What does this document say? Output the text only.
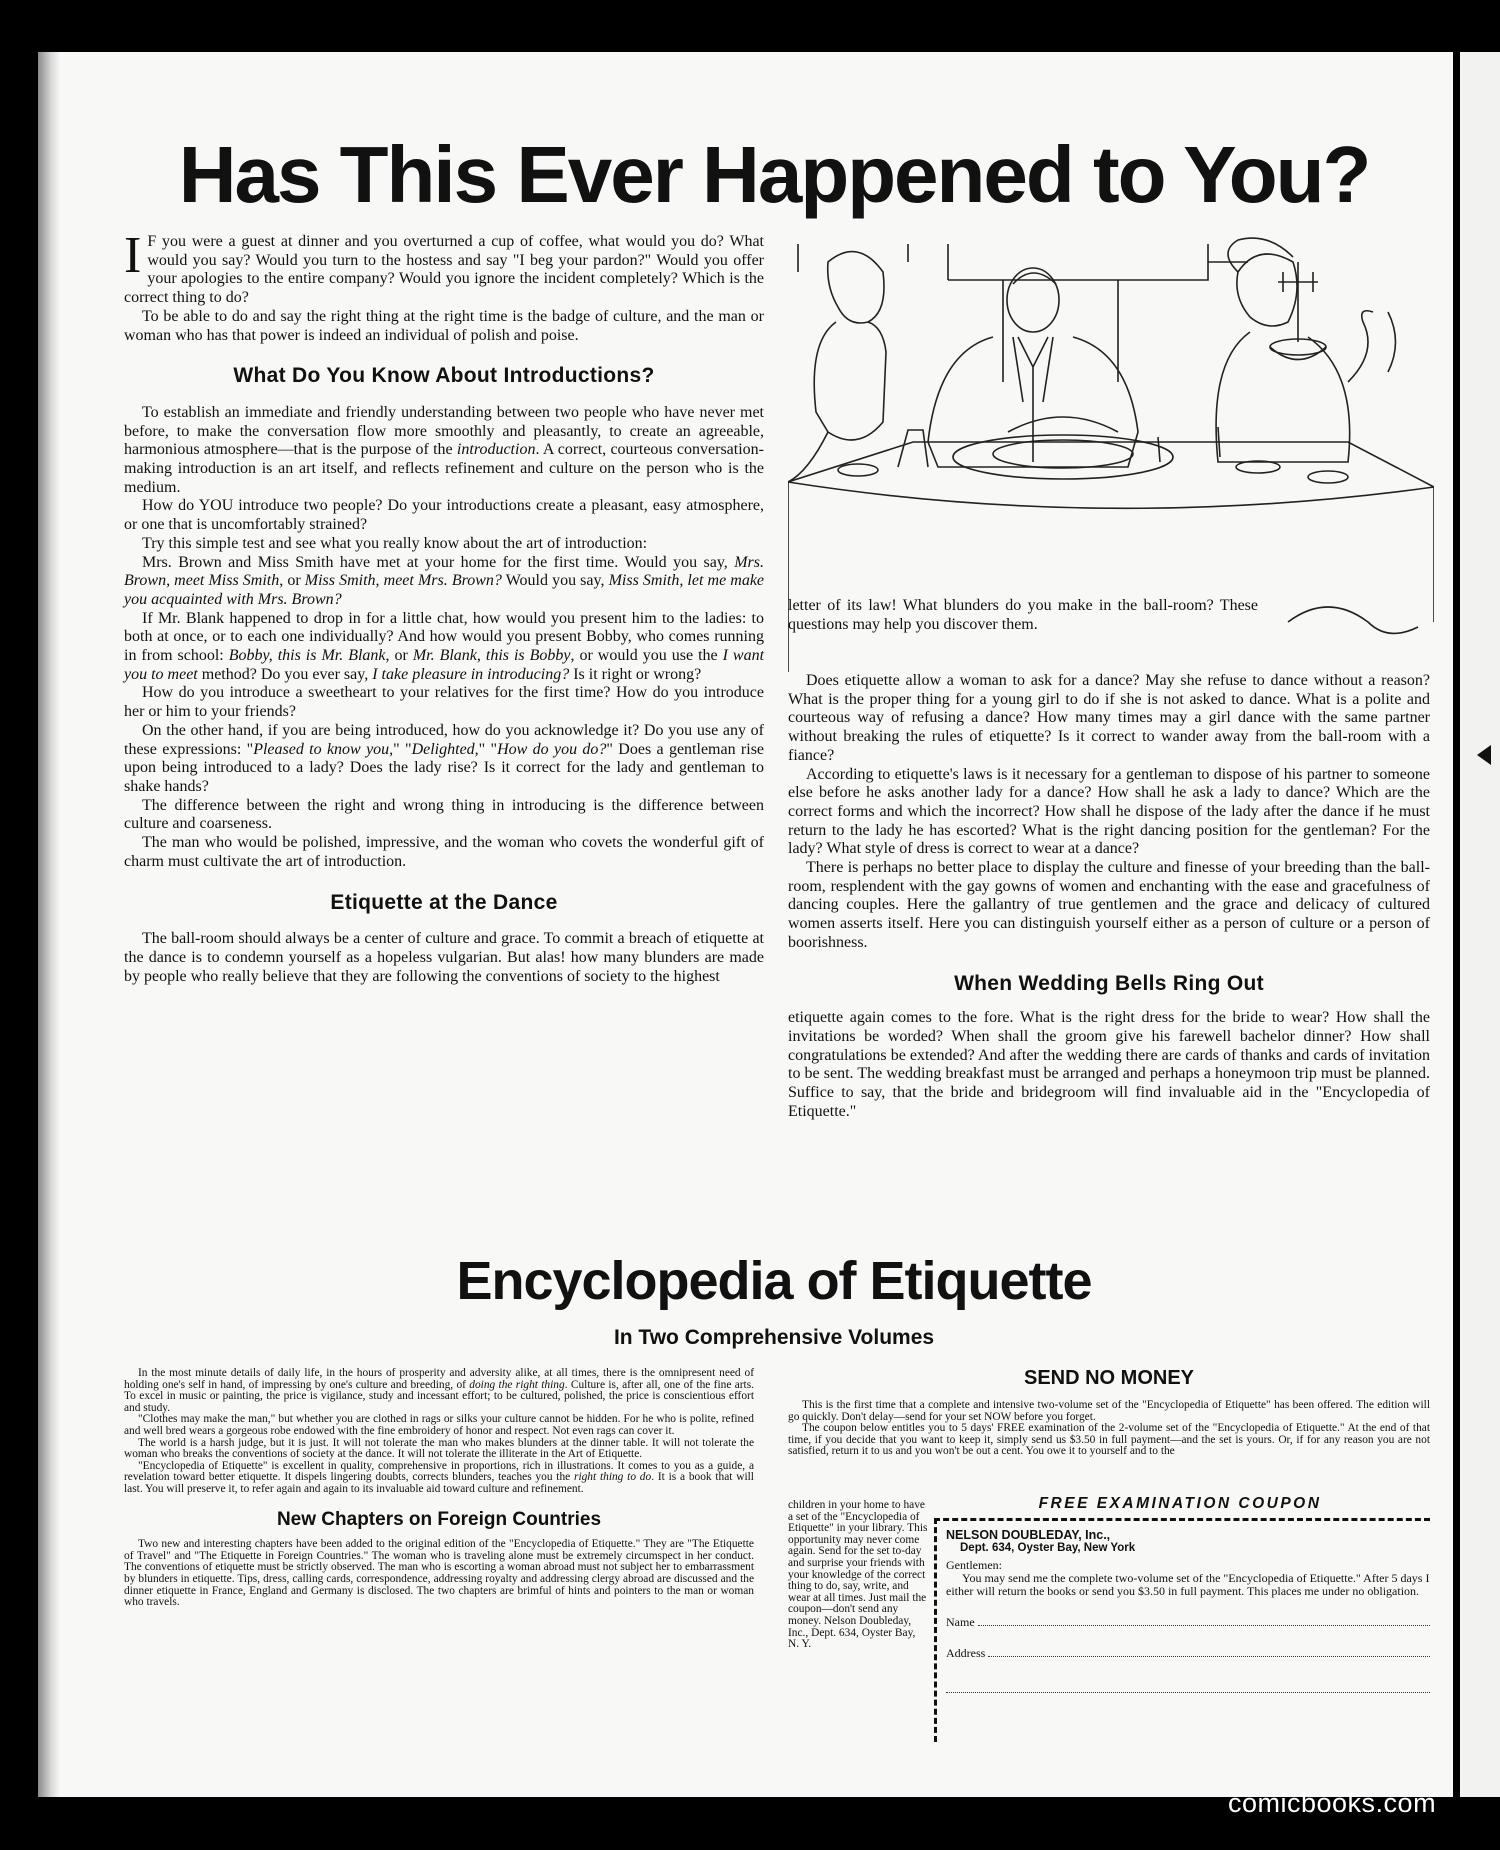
Has This Ever Happened to You?

I F you were a guest at dinner and you overturned a cup of coffee, what would you do? What would you say? Would you turn to the hostess and say "I beg your pardon?" Would you offer your apologies to the entire company? Would you ignore the incident completely? Which is the correct thing to do?

To be able to do and say the right thing at the right time is the badge of culture, and the man or woman who has that power is indeed an individual of polish and poise.

What Do You Know About Introductions?

To establish an immediate and friendly understanding between two people who have never met before, to make the conversation flow more smoothly and pleasantly, to create an agreeable, harmonious atmosphere—that is the purpose of the introduction. A correct, courteous conversation-making introduction is an art itself, and reflects refinement and culture on the person who is the medium.

How do YOU introduce two people? Do your introductions create a pleasant, easy atmosphere, or one that is uncomfortably strained?

Try this simple test and see what you really know about the art of introduction:

Mrs. Brown and Miss Smith have met at your home for the first time. Would you say, Mrs. Brown, meet Miss Smith, or Miss Smith, meet Mrs. Brown? Would you say, Miss Smith, let me make you acquainted with Mrs. Brown?

If Mr. Blank happened to drop in for a little chat, how would you present him to the ladies: to both at once, or to each one individually? And how would you present Bobby, who comes running in from school: Bobby, this is Mr. Blank, or Mr. Blank, this is Bobby, or would you use the I want you to meet method? Do you ever say, I take pleasure in introducing? Is it right or wrong?

How do you introduce a sweetheart to your relatives for the first time? How do you introduce her or him to your friends?

On the other hand, if you are being introduced, how do you acknowledge it? Do you use any of these expressions: "Pleased to know you," "Delighted," "How do you do?" Does a gentleman rise upon being introduced to a lady? Does the lady rise? Is it correct for the lady and gentleman to shake hands?

The difference between the right and wrong thing in introducing is the difference between culture and coarseness.

The man who would be polished, impressive, and the woman who covets the wonderful gift of charm must cultivate the art of introduction.

Etiquette at the Dance

The ball-room should always be a center of culture and grace. To commit a breach of etiquette at the dance is to condemn yourself as a hopeless vulgarian. But alas! how many blunders are made by people who really believe that they are following the conventions of society to the highest

letter of its law! What blunders do you make in the ball-room? These questions may help you discover them.

Does etiquette allow a woman to ask for a dance? May she refuse to dance without a reason? What is the proper thing for a young girl to do if she is not asked to dance. What is a polite and courteous way of refusing a dance? How many times may a girl dance with the same partner without breaking the rules of etiquette? Is it correct to wander away from the ball-room with a fiance?

According to etiquette's laws is it necessary for a gentleman to dispose of his partner to someone else before he asks another lady for a dance? How shall he ask a lady to dance? Which are the correct forms and which the incorrect? How shall he dispose of the lady after the dance if he must return to the lady he has escorted? What is the right dancing position for the gentleman? For the lady? What style of dress is correct to wear at a dance?

There is perhaps no better place to display the culture and finesse of your breeding than the ball-room, resplendent with the gay gowns of women and enchanting with the ease and gracefulness of dancing couples. Here the gallantry of true gentlemen and the grace and delicacy of cultured women asserts itself. Here you can distinguish yourself either as a person of culture or a person of boorishness.

When Wedding Bells Ring Out

etiquette again comes to the fore. What is the right dress for the bride to wear? How shall the invitations be worded? When shall the groom give his farewell bachelor dinner? How shall congratulations be extended? And after the wedding there are cards of thanks and cards of invitation to be sent. The wedding breakfast must be arranged and perhaps a honeymoon trip must be planned. Suffice to say, that the bride and bridegroom will find invaluable aid in the "Encyclopedia of Etiquette."

Encyclopedia of Etiquette
In Two Comprehensive Volumes

In the most minute details of daily life, in the hours of prosperity and adversity alike, at all times, there is the omnipresent need of holding one's self in hand, of impressing by one's culture and breeding, of doing the right thing. Culture is, after all, one of the fine arts. To excel in music or painting, the price is vigilance, study and incessant effort; to be cultured, polished, the price is conscientious effort and study.

"Clothes may make the man," but whether you are clothed in rags or silks your culture cannot be hidden. For he who is polite, refined and well bred wears a gorgeous robe endowed with the fine embroidery of honor and respect. Not even rags can cover it.

The world is a harsh judge, but it is just. It will not tolerate the man who makes blunders at the dinner table. It will not tolerate the woman who breaks the conventions of society at the dance. It will not tolerate the illiterate in the Art of Etiquette.

"Encyclopedia of Etiquette" is excellent in quality, comprehensive in proportions, rich in illustrations. It comes to you as a guide, a revelation toward better etiquette. It dispels lingering doubts, corrects blunders, teaches you the right thing to do. It is a book that will last. You will preserve it, to refer again and again to its invaluable aid toward culture and refinement.

New Chapters on Foreign Countries

Two new and interesting chapters have been added to the original edition of the "Encyclopedia of Etiquette." They are "The Etiquette of Travel" and "The Etiquette in Foreign Countries." The woman who is traveling alone must be extremely circumspect in her conduct. The conventions of etiquette must be strictly observed. The man who is escorting a woman abroad must not subject her to embarrassment by blunders in etiquette. Tips, dress, calling cards, correspondence, addressing royalty and addressing clergy abroad are discussed and the dinner etiquette in France, England and Germany is disclosed. The two chapters are brimful of hints and pointers to the man or woman who travels.

SEND NO MONEY

This is the first time that a complete and intensive two-volume set of the "Encyclopedia of Etiquette" has been offered. The edition will go quickly. Don't delay—send for your set NOW before you forget.

The coupon below entitles you to 5 days' FREE examination of the 2-volume set of the "Encyclopedia of Etiquette." At the end of that time, if you decide that you want to keep it, simply send us $3.50 in full payment—and the set is yours. Or, if for any reason you are not satisfied, return it to us and you won't be out a cent. You owe it to yourself and to the

children in your home to have a set of the "Encyclopedia of Etiquette" in your library. This opportunity may never come again. Send for the set to-day and surprise your friends with your knowledge of the correct thing to do, say, write, and wear at all times. Just mail the coupon—don't send any money. Nelson Doubleday, Inc., Dept. 634, Oyster Bay, N. Y.
FREE EXAMINATION COUPON
NELSON DOUBLEDAY, Inc.,
Dept. 634, Oyster Bay, New York
Gentlemen:
You may send me the complete two-volume set of the "Encyclopedia of Etiquette." After 5 days I either will return the books or send you $3.50 in full payment. This places me under no obligation.
Name
Address
comicbooks.com
